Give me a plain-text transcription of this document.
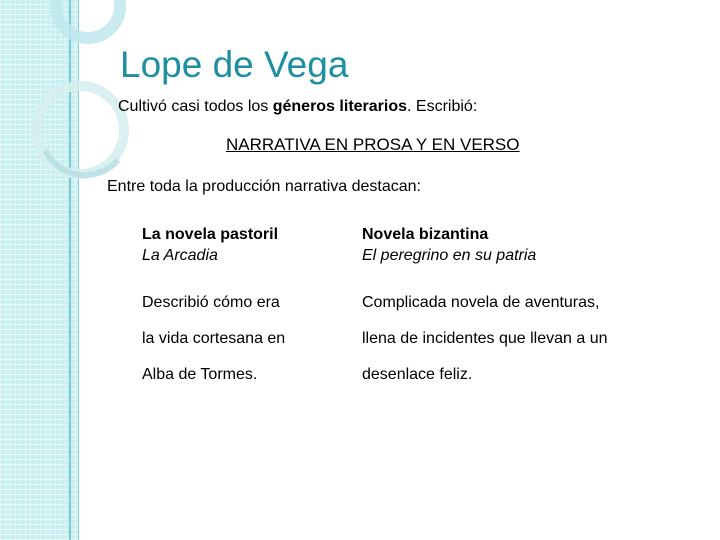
Lope de Vega
Cultivó casi todos los géneros literarios. Escribió:
NARRATIVA EN PROSA Y EN VERSO
Entre toda la producción narrativa destacan:
La novela pastoril
La Arcadia
Describió cómo era
la vida cortesana en
Alba de Tormes.
Novela bizantina
El peregrino en su patria
Complicada novela de aventuras,
llena de incidentes que llevan a un
desenlace feliz.
